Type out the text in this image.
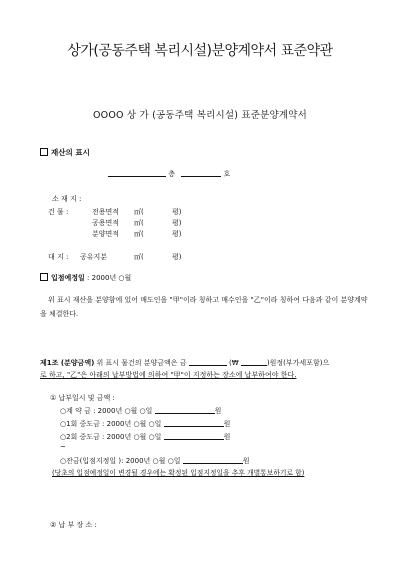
상가(공동주택 복리시설)분양계약서 표준약관
OOOO 상 가 (공동주택 복리시설) 표준분양계약서
재산의 표시
층	호
소 재 지 :
건 물 :	전용면적 ㎡(	평)
공용면적 ㎡(	평)
분양면적 ㎡(	평)
대 지 : 공유지분	㎡(	평)
입점예정일 : 2000년 ○월
위 표시 재산을 분양함에 있어 매도인을 "甲"이라 칭하고 매수인을 "乙"이라 칭하여 다음과 같이 분양계약을 체결한다.
제1조 (분양금액) 위 표시 물건의 분양금액은 금	(₩	)원정(부가세포함)으
로 하고, "乙"은 아래의 납부방법에 의하여 "甲"이 지정하는 장소에 납부하여야 한다.
① 납부일시 및 금액 :
○계 약 금 : 2000년 ○월 ○일	원
○1회 중도금 : 2000년 ○월 ○일	원
○2회 중도금 : 2000년 ○월 ○일	원
~
○잔금(입점지정일 ): 2000년 ○월 ○일	원
(당초의 입점예정일이 변경될 경우에는 확정된 입점지정일을 추후 개별통보하기로 함)
② 납 부 장 소 :
